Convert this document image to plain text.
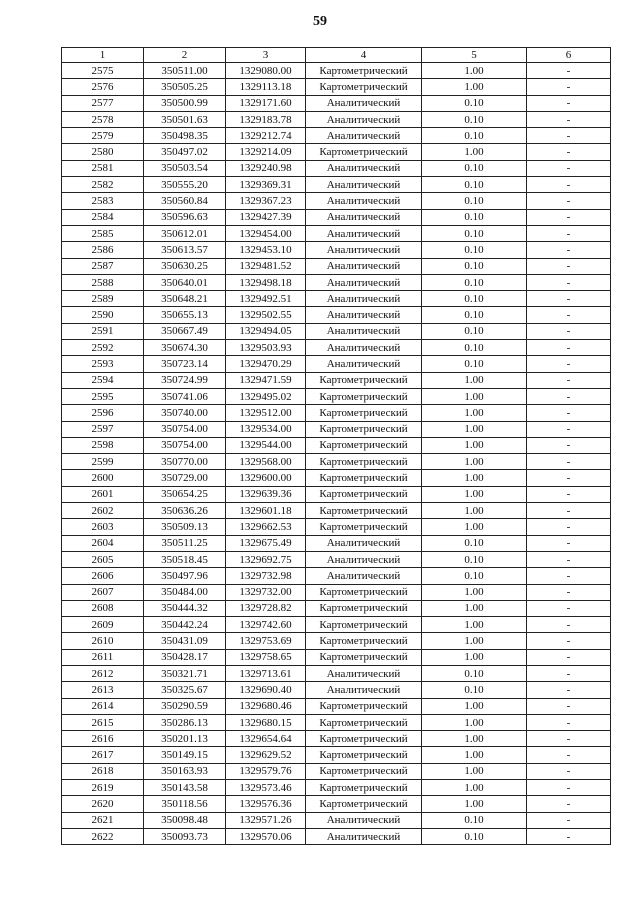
59
1	2	3	4	5	6
2575	350511.00	1329080.00	Картометрический	1.00	-
2576	350505.25	1329113.18	Картометрический	1.00	-
2577	350500.99	1329171.60	Аналитический	0.10	-
2578	350501.63	1329183.78	Аналитический	0.10	-
2579	350498.35	1329212.74	Аналитический	0.10	-
2580	350497.02	1329214.09	Картометрический	1.00	-
2581	350503.54	1329240.98	Аналитический	0.10	-
2582	350555.20	1329369.31	Аналитический	0.10	-
2583	350560.84	1329367.23	Аналитический	0.10	-
2584	350596.63	1329427.39	Аналитический	0.10	-
2585	350612.01	1329454.00	Аналитический	0.10	-
2586	350613.57	1329453.10	Аналитический	0.10	-
2587	350630.25	1329481.52	Аналитический	0.10	-
2588	350640.01	1329498.18	Аналитический	0.10	-
2589	350648.21	1329492.51	Аналитический	0.10	-
2590	350655.13	1329502.55	Аналитический	0.10	-
2591	350667.49	1329494.05	Аналитический	0.10	-
2592	350674.30	1329503.93	Аналитический	0.10	-
2593	350723.14	1329470.29	Аналитический	0.10	-
2594	350724.99	1329471.59	Картометрический	1.00	-
2595	350741.06	1329495.02	Картометрический	1.00	-
2596	350740.00	1329512.00	Картометрический	1.00	-
2597	350754.00	1329534.00	Картометрический	1.00	-
2598	350754.00	1329544.00	Картометрический	1.00	-
2599	350770.00	1329568.00	Картометрический	1.00	-
2600	350729.00	1329600.00	Картометрический	1.00	-
2601	350654.25	1329639.36	Картометрический	1.00	-
2602	350636.26	1329601.18	Картометрический	1.00	-
2603	350509.13	1329662.53	Картометрический	1.00	-
2604	350511.25	1329675.49	Аналитический	0.10	-
2605	350518.45	1329692.75	Аналитический	0.10	-
2606	350497.96	1329732.98	Аналитический	0.10	-
2607	350484.00	1329732.00	Картометрический	1.00	-
2608	350444.32	1329728.82	Картометрический	1.00	-
2609	350442.24	1329742.60	Картометрический	1.00	-
2610	350431.09	1329753.69	Картометрический	1.00	-
2611	350428.17	1329758.65	Картометрический	1.00	-
2612	350321.71	1329713.61	Аналитический	0.10	-
2613	350325.67	1329690.40	Аналитический	0.10	-
2614	350290.59	1329680.46	Картометрический	1.00	-
2615	350286.13	1329680.15	Картометрический	1.00	-
2616	350201.13	1329654.64	Картометрический	1.00	-
2617	350149.15	1329629.52	Картометрический	1.00	-
2618	350163.93	1329579.76	Картометрический	1.00	-
2619	350143.58	1329573.46	Картометрический	1.00	-
2620	350118.56	1329576.36	Картометрический	1.00	-
2621	350098.48	1329571.26	Аналитический	0.10	-
2622	350093.73	1329570.06	Аналитический	0.10	-
